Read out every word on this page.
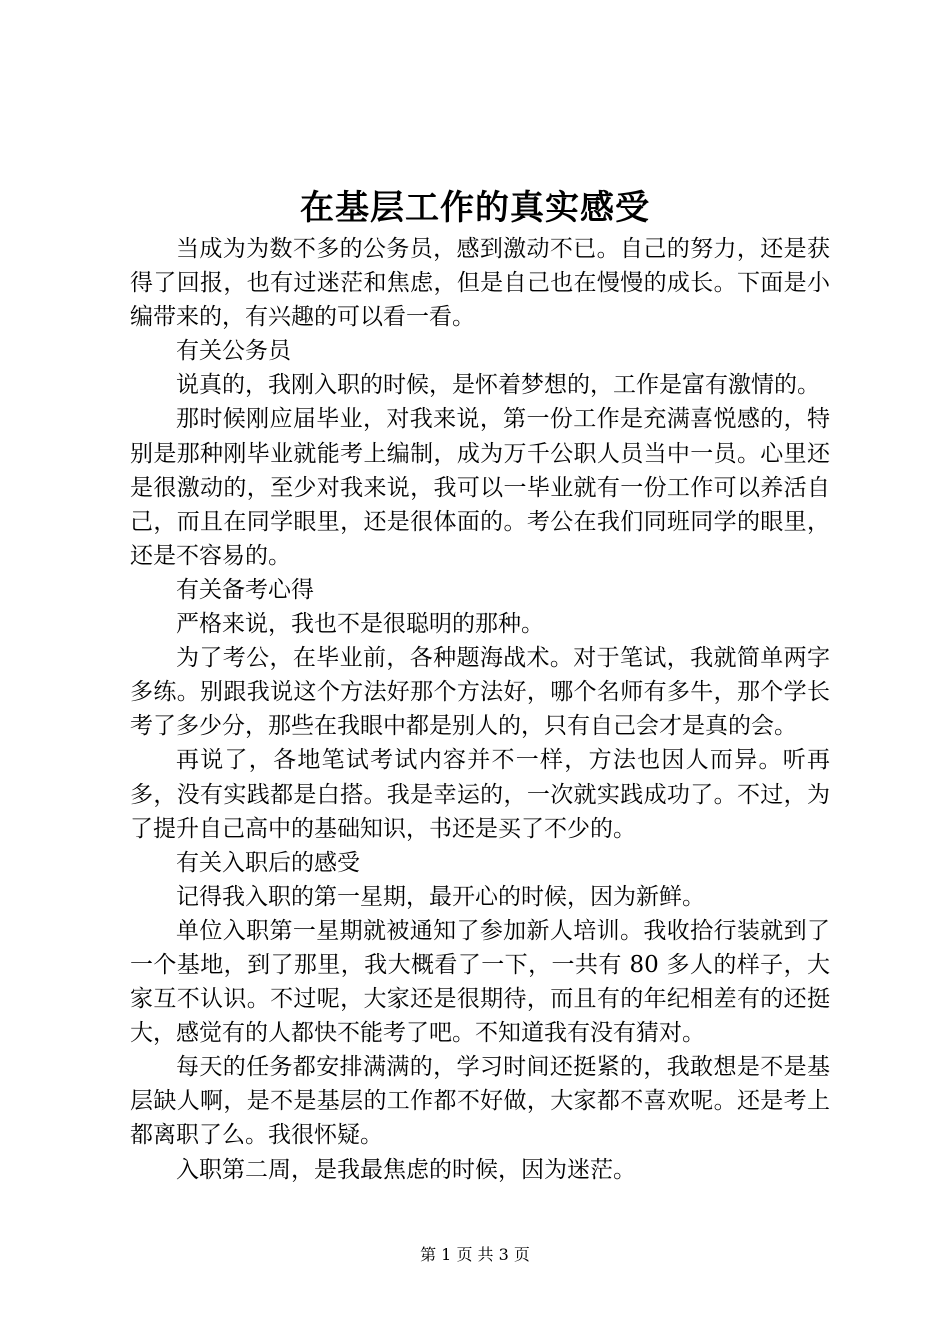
在基层工作的真实感受

当成为为数不多的公务员，感到激动不已。自己的努力，还是获得了回报，也有过迷茫和焦虑，但是自己也在慢慢的成长。下面是小编带来的，有兴趣的可以看一看。

有关公务员

说真的，我刚入职的时候，是怀着梦想的，工作是富有激情的。

那时候刚应届毕业，对我来说，第一份工作是充满喜悦感的，特别是那种刚毕业就能考上编制，成为万千公职人员当中一员。心里还是很激动的，至少对我来说，我可以一毕业就有一份工作可以养活自己，而且在同学眼里，还是很体面的。考公在我们同班同学的眼里，还是不容易的。

有关备考心得

严格来说，我也不是很聪明的那种。

为了考公，在毕业前，各种题海战术。对于笔试，我就简单两字多练。别跟我说这个方法好那个方法好，哪个名师有多牛，那个学长考了多少分，那些在我眼中都是别人的，只有自己会才是真的会。

再说了，各地笔试考试内容并不一样，方法也因人而异。听再多，没有实践都是白搭。我是幸运的，一次就实践成功了。不过，为了提升自己高中的基础知识，书还是买了不少的。

有关入职后的感受

记得我入职的第一星期，最开心的时候，因为新鲜。

单位入职第一星期就被通知了参加新人培训。我收拾行装就到了一个基地，到了那里，我大概看了一下，一共有 80 多人的样子，大家互不认识。不过呢，大家还是很期待，而且有的年纪相差有的还挺大，感觉有的人都快不能考了吧。不知道我有没有猜对。

每天的任务都安排满满的，学习时间还挺紧的，我敢想是不是基层缺人啊，是不是基层的工作都不好做，大家都不喜欢呢。还是考上都离职了么。我很怀疑。

入职第二周，是我最焦虑的时候，因为迷茫。

第 1 页 共 3 页
